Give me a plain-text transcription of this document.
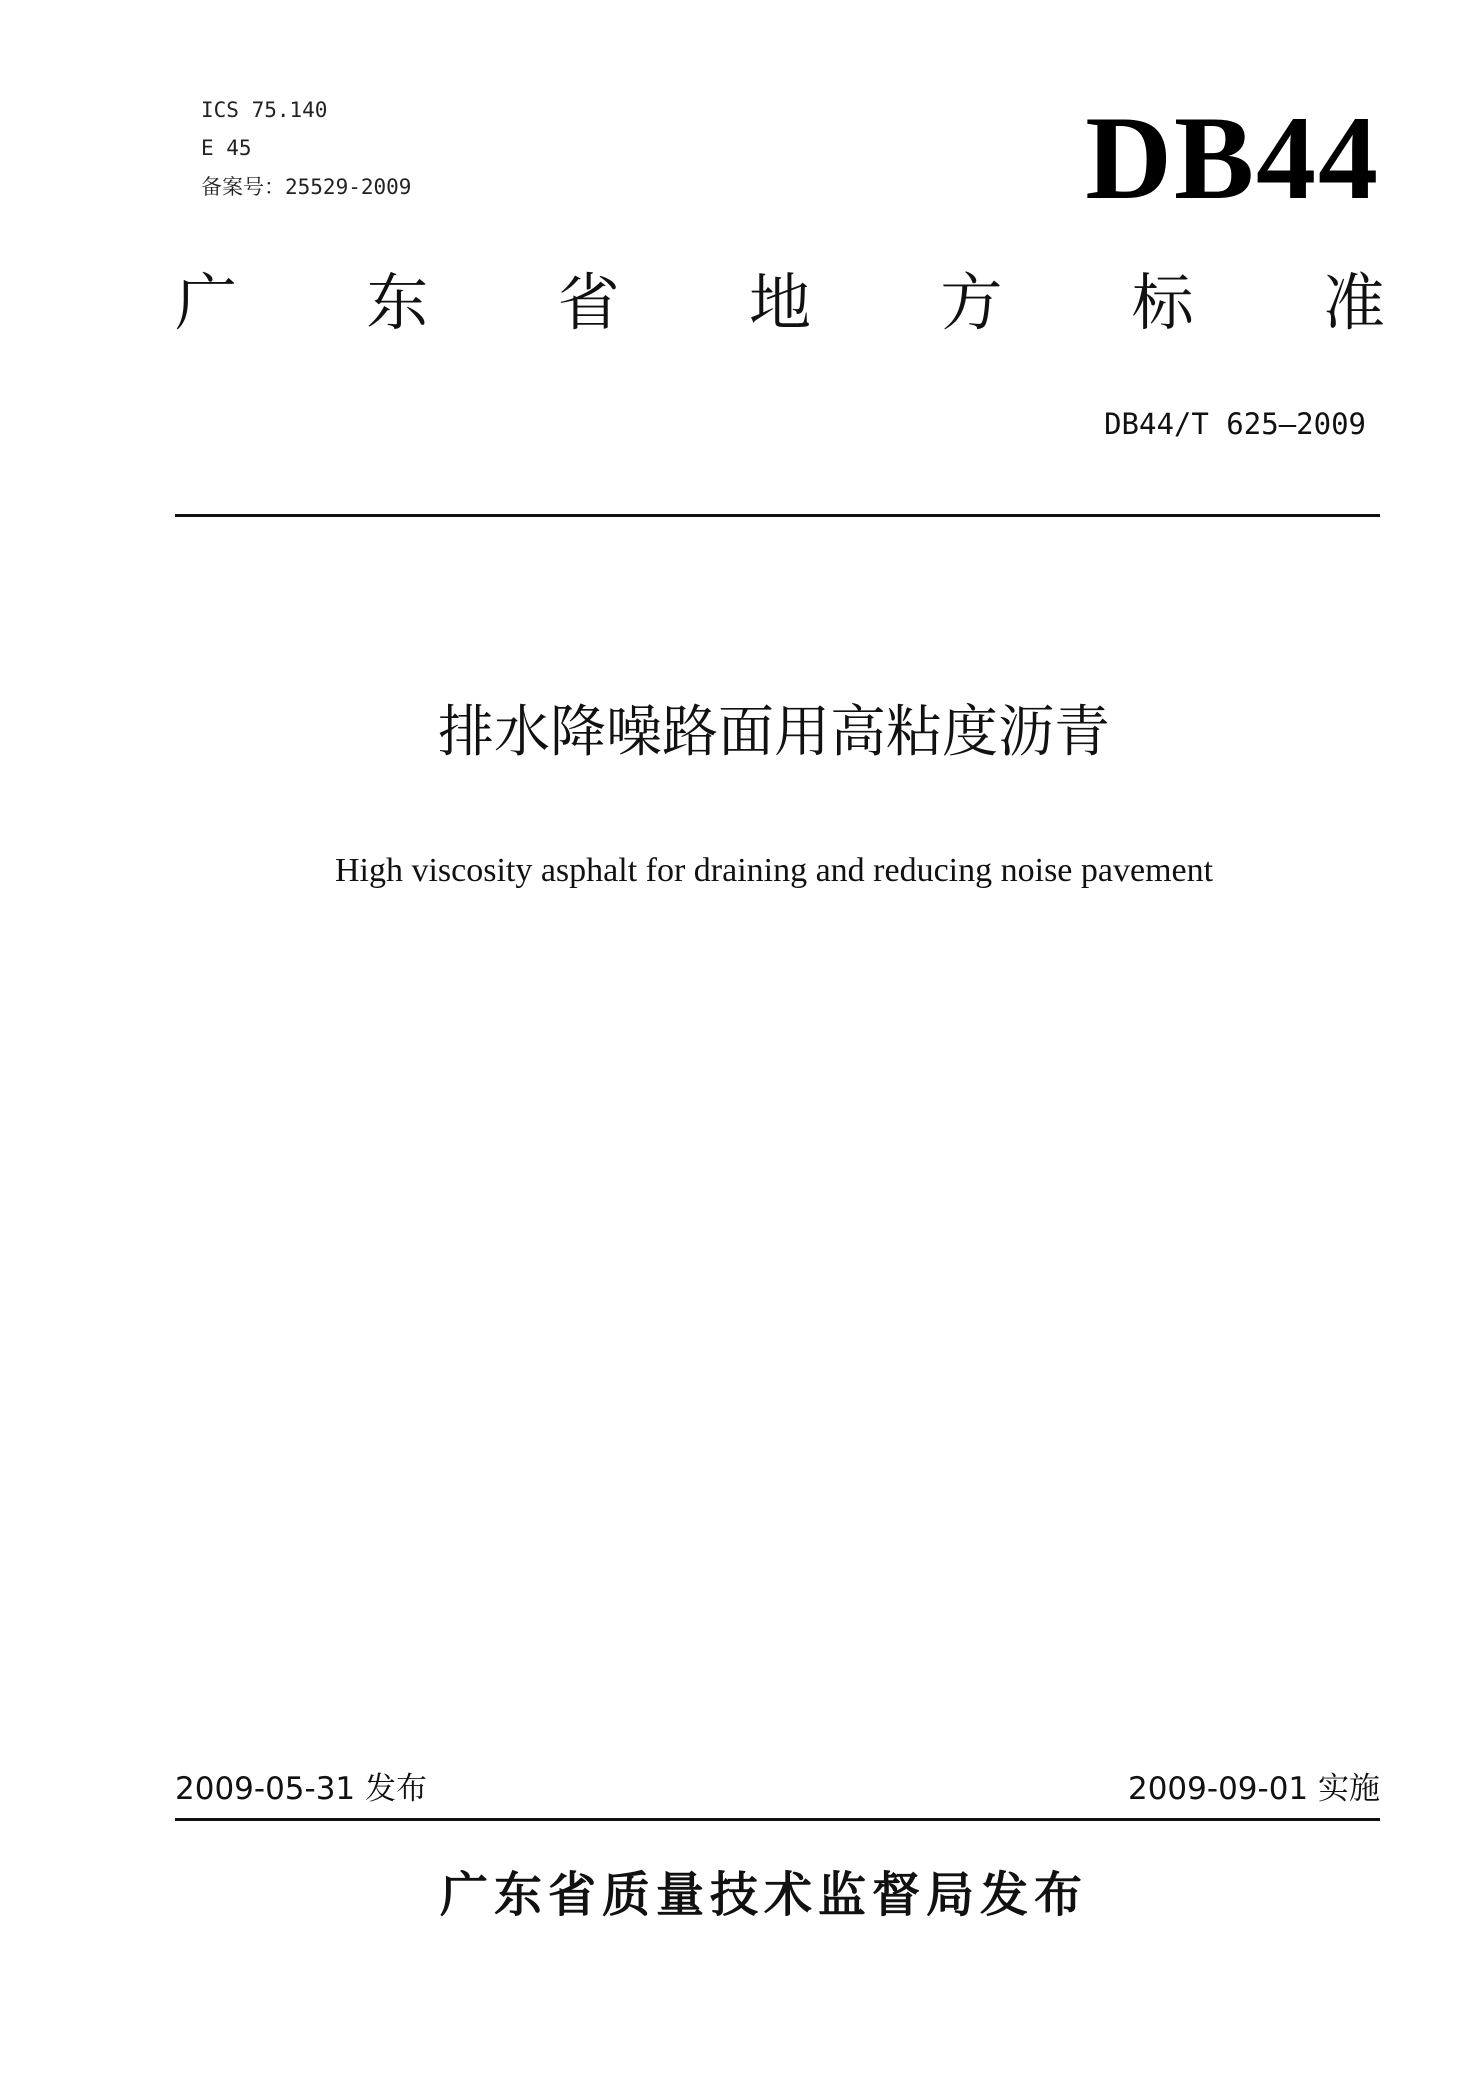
ICS 75.140
E 45
备案号：25529-2009	DB44
广 东 省 地 方 标 准
DB44/T 625—2009
排水降噪路面用高粘度沥青
High viscosity asphalt for draining and reducing noise pavement
2009-05-31 发布	2009-09-01 实施
广东省质量技术监督局发布
